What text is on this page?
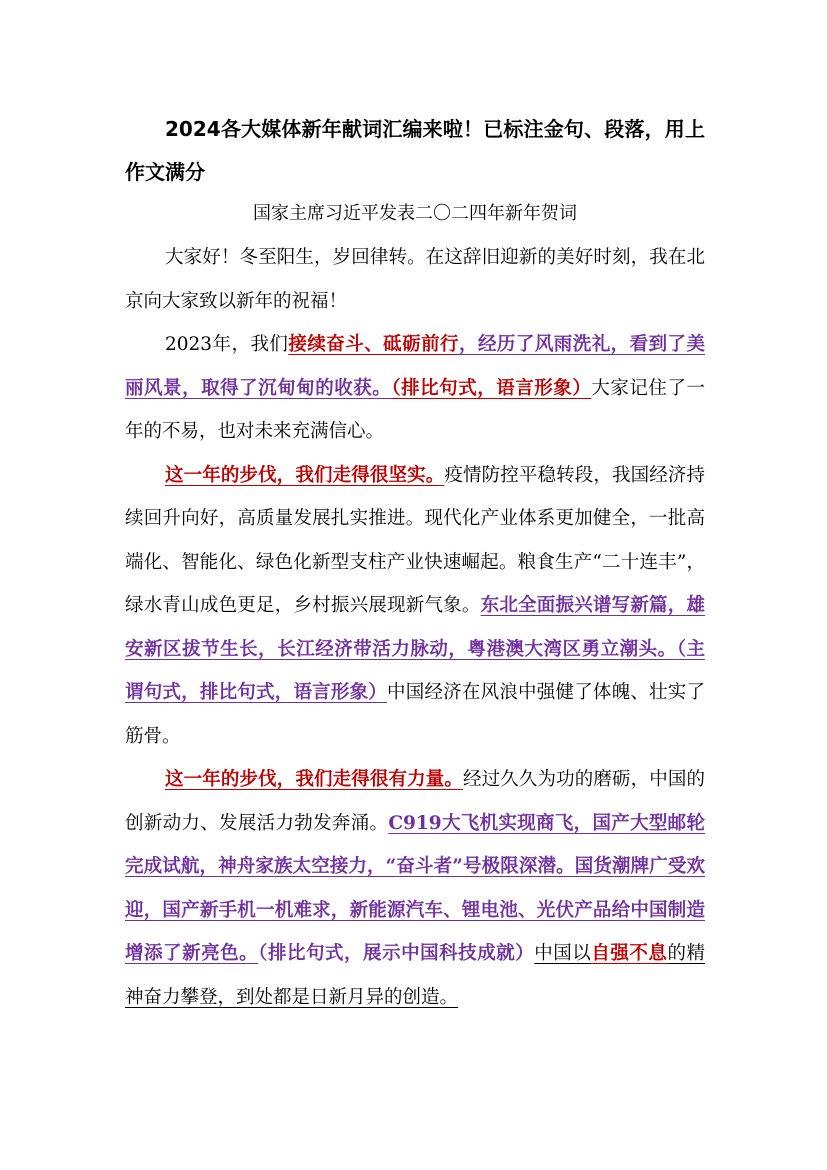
2024各大媒体新年献词汇编来啦！已标注金句、段落，用上作文满分

国家主席习近平发表二〇二四年新年贺词

大家好！冬至阳生，岁回律转。在这辞旧迎新的美好时刻，我在北京向大家致以新年的祝福！

2023年，我们接续奋斗、砥砺前行，经历了风雨洗礼，看到了美丽风景，取得了沉甸甸的收获。（排比句式，语言形象）大家记住了一年的不易，也对未来充满信心。

这一年的步伐，我们走得很坚实。疫情防控平稳转段，我国经济持续回升向好，高质量发展扎实推进。现代化产业体系更加健全，一批高端化、智能化、绿色化新型支柱产业快速崛起。粮食生产“二十连丰”，绿水青山成色更足，乡村振兴展现新气象。东北全面振兴谱写新篇，雄安新区拔节生长，长江经济带活力脉动，粤港澳大湾区勇立潮头。（主谓句式，排比句式，语言形象）中国经济在风浪中强健了体魄、壮实了筋骨。

这一年的步伐，我们走得很有力量。经过久久为功的磨砺，中国的创新动力、发展活力勃发奔涌。C919大飞机实现商飞，国产大型邮轮完成试航，神舟家族太空接力，“奋斗者”号极限深潜。国货潮牌广受欢迎，国产新手机一机难求，新能源汽车、锂电池、光伏产品给中国制造增添了新亮色。（排比句式，展示中国科技成就）中国以自强不息的精神奋力攀登，到处都是日新月异的创造。
